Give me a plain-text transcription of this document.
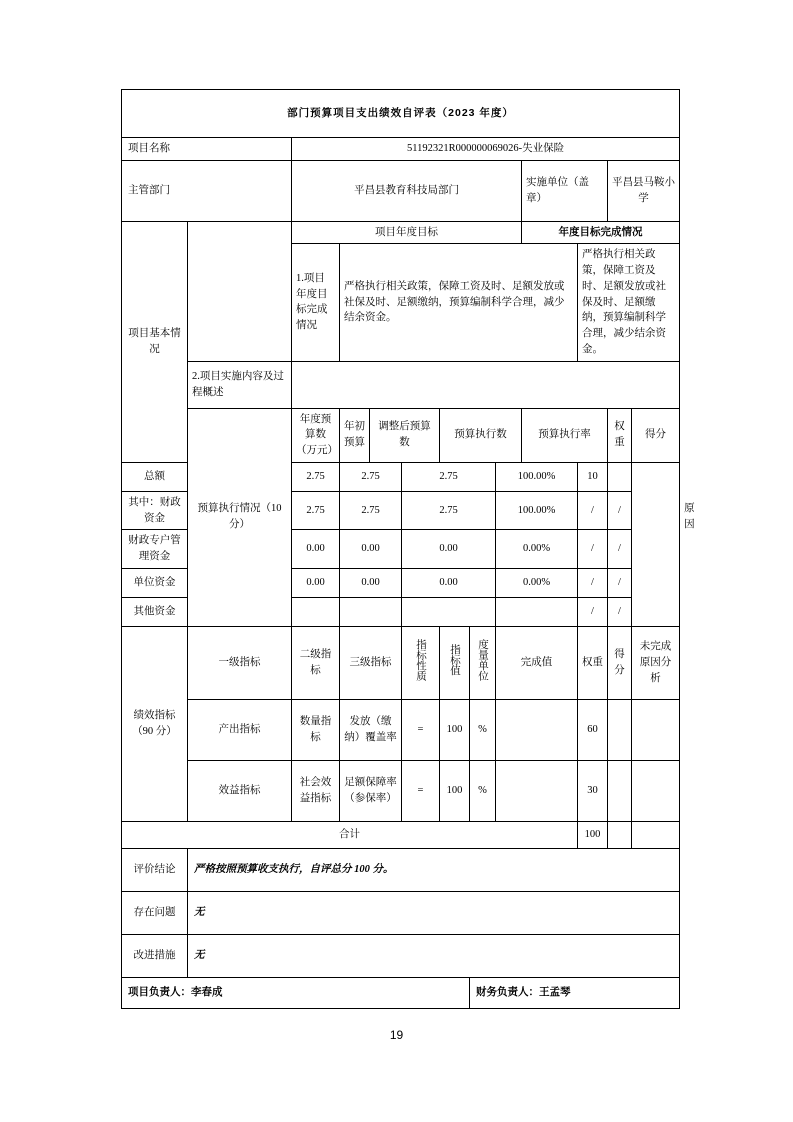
部门预算项目支出绩效自评表（2023 年度）													
项目名称		51192321R000000069026-失业保险											
主管部门		平昌县教育科技局部门							实施单位（盖章）		平昌县马鞍小学		
项目基本情况		项目年度目标							年度目标完成情况				
		1.项目年度目标完成情况	严格执行相关政策，保障工资及时、足额发放或社保及时、足额缴纳，预算编制科学合理，减少结余资金。							严格执行相关政策，保障工资及时、足额发放或社保及时、足额缴纳，预算编制科学合理，减少结余资金。			
	2.项目实施内容及过程概述												
	预算执行情况（10 分）	年度预算数（万元）	年初预算	调整后预算数		预算执行数			预算执行率		权重	得分	原因
总额		2.75	2.75		2.75			100.00%		10			
其中：财政资金		2.75	2.75		2.75			100.00%		/	/		
财政专户管理资金		0.00	0.00		0.00			0.00%		/	/		
单位资金		0.00	0.00		0.00			0.00%		/	/		
其他资金										/	/		
绩效指标（90 分）	一级指标	二级指标	三级指标		指标性质	指标值	度量单位	完成值		权重	得分	未完成原因分析	
	产出指标	数量指标	发放（缴纳）覆盖率		=	100	%			60			
	效益指标	社会效益指标	足额保障率（参保率）		=	100	%			30			
合计										100			
评价结论	严格按照预算收支执行，自评总分 100 分。												
存在问题	无												
改进措施	无												
项目负责人：李春成							财务负责人：王孟琴						
19
